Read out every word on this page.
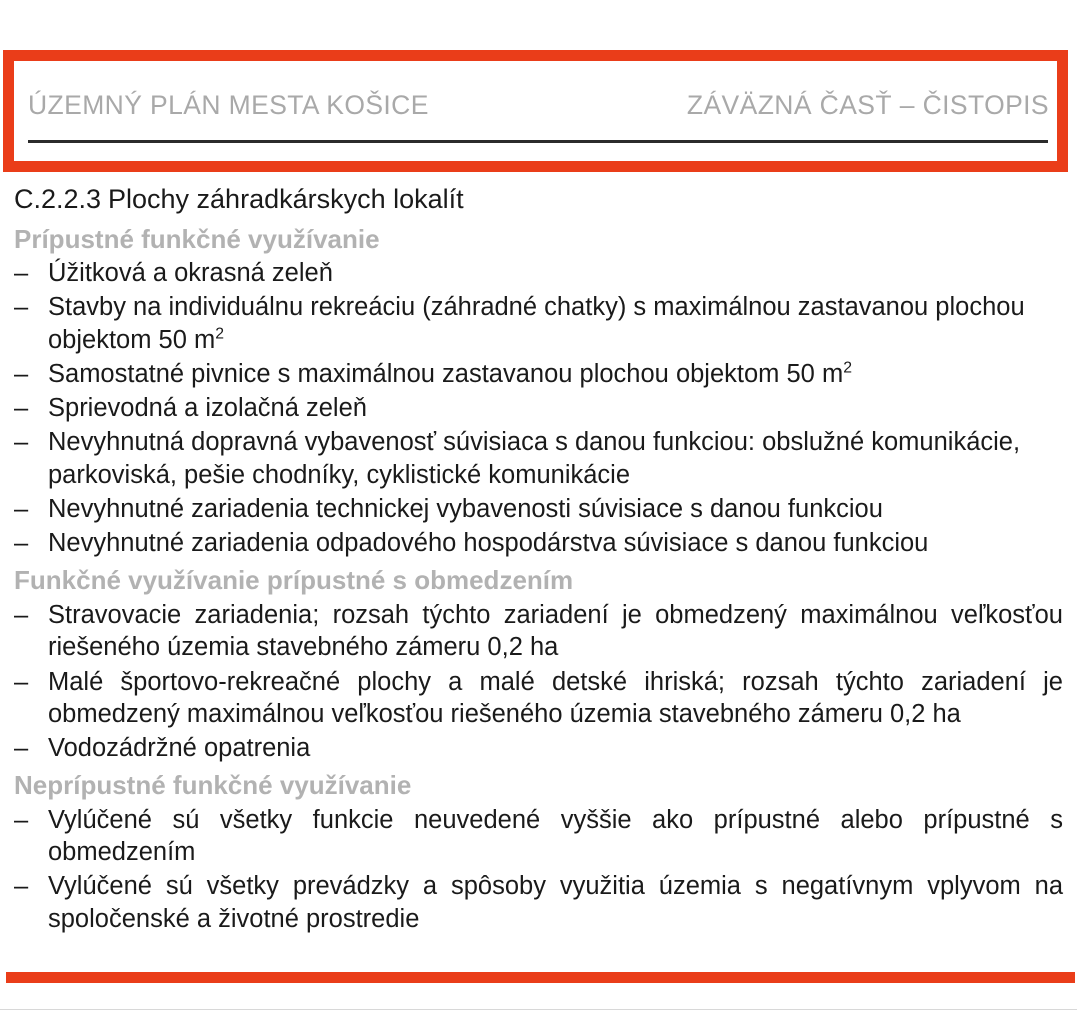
ÚZEMNÝ PLÁN MESTA KOŠICE	ZÁVÄZNÁ ČASŤ – ČISTOPIS
C.2.2.3 Plochy záhradkárskych lokalít
Prípustné funkčné využívanie
– Úžitková a okrasná zeleň
– Stavby na individuálnu rekreáciu (záhradné chatky) s maximálnou zastavanou plochou objektom 50 $m^2$
– Samostatné pivnice s maximálnou zastavanou plochou objektom 50 $m^2$
– Sprievodná a izolačná zeleň
– Nevyhnutná dopravná vybavenosť súvisiaca s danou funkciou: obslužné komunikácie, parkoviská, pešie chodníky, cyklistické komunikácie
– Nevyhnutné zariadenia technickej vybavenosti súvisiace s danou funkciou
– Nevyhnutné zariadenia odpadového hospodárstva súvisiace s danou funkciou
Funkčné využívanie prípustné s obmedzením
– Stravovacie zariadenia; rozsah týchto zariadení je obmedzený maximálnou veľkosťou riešeného územia stavebného zámeru 0,2 ha
– Malé športovo-rekreačné plochy a malé detské ihriská; rozsah týchto zariadení je obmedzený maximálnou veľkosťou riešeného územia stavebného zámeru 0,2 ha
– Vodozádržné opatrenia
Neprípustné funkčné využívanie
– Vylúčené sú všetky funkcie neuvedené vyššie ako prípustné alebo prípustné s obmedzením
– Vylúčené sú všetky prevádzky a spôsoby využitia územia s negatívnym vplyvom na spoločenské a životné prostredie
